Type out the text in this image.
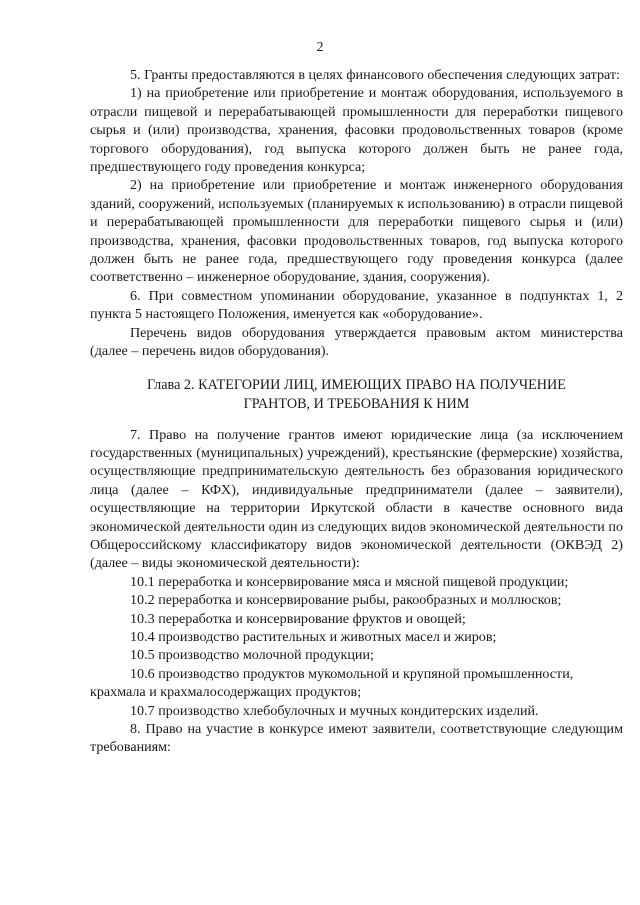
2

5. Гранты предоставляются в целях финансового обеспечения следующих затрат:

1) на приобретение или приобретение и монтаж оборудования, используемого в отрасли пищевой и перерабатывающей промышленности для переработки пищевого сырья и (или) производства, хранения, фасовки продовольственных товаров (кроме торгового оборудования), год выпуска которого должен быть не ранее года, предшествующего году проведения конкурса;

2) на приобретение или приобретение и монтаж инженерного оборудования зданий, сооружений, используемых (планируемых к использованию) в отрасли пищевой и перерабатывающей промышленности для переработки пищевого сырья и (или) производства, хранения, фасовки продовольственных товаров, год выпуска которого должен быть не ранее года, предшествующего году проведения конкурса (далее соответственно – инженерное оборудование, здания, сооружения).

6. При совместном упоминании оборудование, указанное в подпунктах 1, 2 пункта 5 настоящего Положения, именуется как «оборудование».

Перечень видов оборудования утверждается правовым актом министерства (далее – перечень видов оборудования).

Глава 2. КАТЕГОРИИ ЛИЦ, ИМЕЮЩИХ ПРАВО НА ПОЛУЧЕНИЕ
ГРАНТОВ, И ТРЕБОВАНИЯ К НИМ

7. Право на получение грантов имеют юридические лица (за исключением государственных (муниципальных) учреждений), крестьянские (фермерские) хозяйства, осуществляющие предпринимательскую деятельность без образования юридического лица (далее – КФХ), индивидуальные предприниматели (далее – заявители), осуществляющие на территории Иркутской области в качестве основного вида экономической деятельности один из следующих видов экономической деятельности по Общероссийскому классификатору видов экономической деятельности (ОКВЭД 2) (далее – виды экономической деятельности):

10.1 переработка и консервирование мяса и мясной пищевой продукции;

10.2 переработка и консервирование рыбы, ракообразных и моллюсков;

10.3 переработка и консервирование фруктов и овощей;

10.4 производство растительных и животных масел и жиров;

10.5 производство молочной продукции;

10.6 производство продуктов мукомольной и крупяной промышленности, крахмала и крахмалосодержащих продуктов;

10.7 производство хлебобулочных и мучных кондитерских изделий.

8. Право на участие в конкурсе имеют заявители, соответствующие следующим требованиям:
